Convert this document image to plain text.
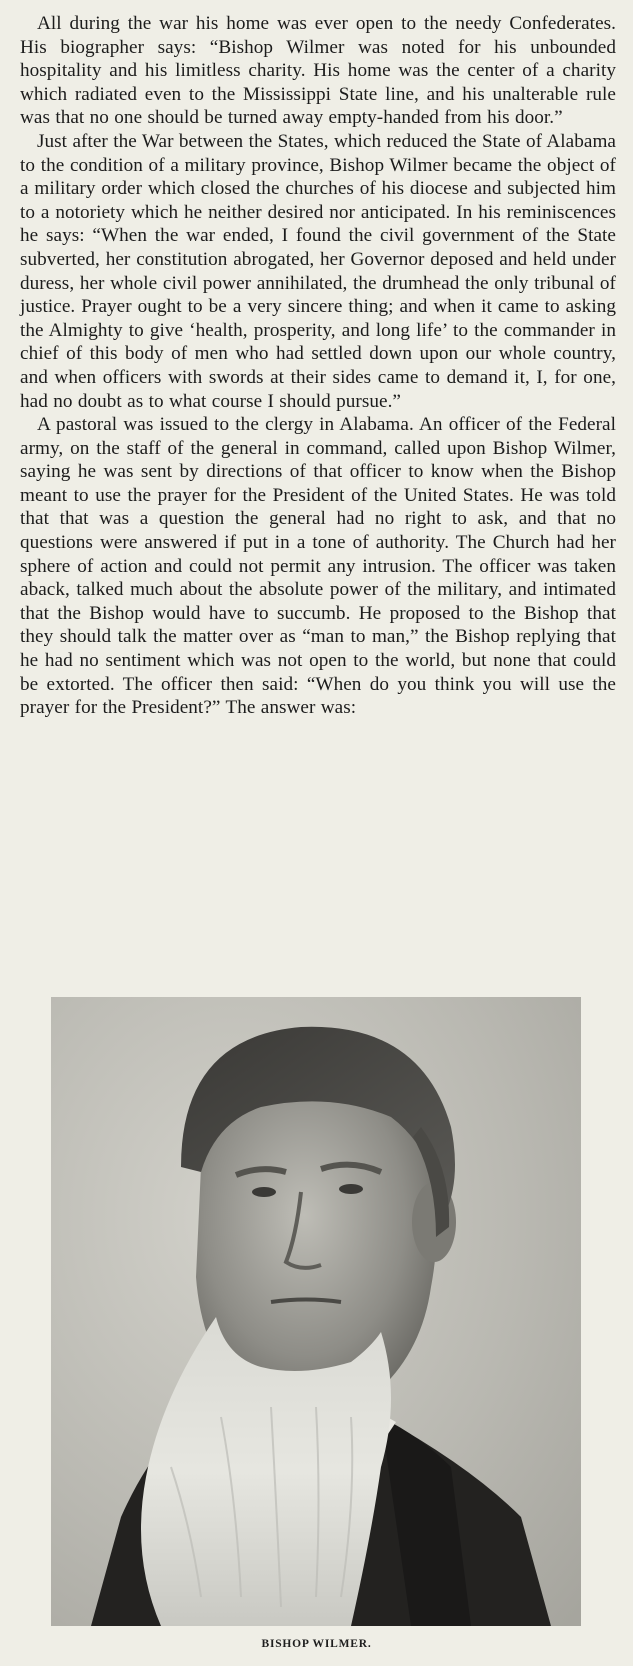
All during the war his home was ever open to the needy Confederates. His biographer says: “Bishop Wilmer was noted for his unbounded hospitality and his limitless charity. His home was the center of a charity which radiated even to the Mississippi State line, and his unalterable rule was that no one should be turned away empty-handed from his door.”

Just after the War between the States, which reduced the State of Alabama to the condition of a military province, Bishop Wilmer became the object of a military order which closed the churches of his diocese and subjected him to a notoriety which he neither desired nor anticipated. In his reminiscences he says: “When the war ended, I found the civil government of the State subverted, her constitution abrogated, her Governor deposed and held under duress, her whole civil power annihilated, the drumhead the only tribunal of justice. Prayer ought to be a very sincere thing; and when it came to asking the Almighty to give ‘health, prosperity, and long life’ to the commander in chief of this body of men who had settled down upon our whole country, and when officers with swords at their sides came to demand it, I, for one, had no doubt as to what course I should pursue.”

A pastoral was issued to the clergy in Alabama. An officer of the Federal army, on the staff of the general in command, called upon Bishop Wilmer, saying he was sent by directions of that officer to know when the Bishop meant to use the prayer for the President of the United States. He was told that that was a question the general had no right to ask, and that no questions were answered if put in a tone of authority. The Church had her sphere of action and could not permit any intrusion. The officer was taken aback, talked much about the absolute power of the military, and intimated that the Bishop would have to succumb. He proposed to the Bishop that they should talk the matter over as “man to man,” the Bishop replying that he had no sentiment which was not open to the world, but none that could be extorted. The officer then said: “When do you think you will use the prayer for the President?” The answer was:

BISHOP WILMER.
